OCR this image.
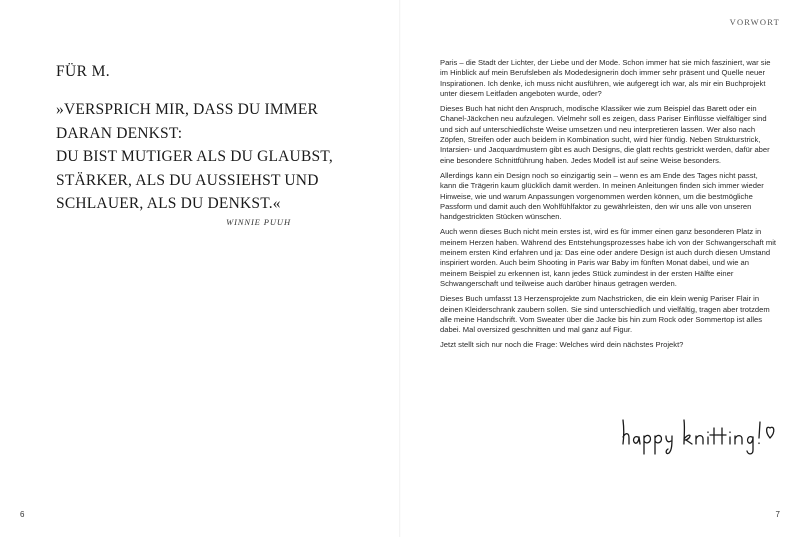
FÜR M.
»VERSPRICH MIR, DASS DU IMMER
DARAN DENKST:
DU BIST MUTIGER ALS DU GLAUBST,
STÄRKER, ALS DU AUSSIEHST UND
SCHLAUER, ALS DU DENKST.«
WINNIE PUUH
VORWORT

Paris – die Stadt der Lichter, der Liebe und der Mode. Schon immer hat sie mich fasziniert, war sie im Hinblick auf mein Berufsleben als Modedesignerin doch immer sehr präsent und Quelle neuer Inspirationen. Ich denke, ich muss nicht ausführen, wie aufgeregt ich war, als mir ein Buchprojekt unter diesem Leitfaden angeboten wurde, oder?

Dieses Buch hat nicht den Anspruch, modische Klassiker wie zum Beispiel das Barett oder ein Chanel-Jäckchen neu aufzulegen. Vielmehr soll es zeigen, dass Pariser Einflüsse vielfältiger sind und sich auf unterschiedlichste Weise umsetzen und neu interpretieren lassen. Wer also nach Zöpfen, Streifen oder auch beidem in Kombination sucht, wird hier fündig. Neben Strukturstrick, Intarsien- und Jacquardmustern gibt es auch Designs, die glatt rechts gestrickt werden, dafür aber eine besondere Schnittführung haben. Jedes Modell ist auf seine Weise besonders.

Allerdings kann ein Design noch so einzigartig sein – wenn es am Ende des Tages nicht passt, kann die Trägerin kaum glücklich damit werden. In meinen Anleitungen finden sich immer wieder Hinweise, wie und warum Anpassungen vorgenommen werden können, um die bestmögliche Passform und damit auch den Wohlfühlfaktor zu gewährleisten, den wir uns alle von unseren handgestrickten Stücken wünschen.

Auch wenn dieses Buch nicht mein erstes ist, wird es für immer einen ganz besonderen Platz in meinem Herzen haben. Während des Entstehungsprozesses habe ich von der Schwangerschaft mit meinem ersten Kind erfahren und ja: Das eine oder andere Design ist auch durch diesen Umstand inspiriert worden. Auch beim Shooting in Paris war Baby im fünften Monat dabei, und wie an meinem Beispiel zu erkennen ist, kann jedes Stück zumindest in der ersten Hälfte einer Schwangerschaft und teilweise auch darüber hinaus getragen werden.

Dieses Buch umfasst 13 Herzensprojekte zum Nachstricken, die ein klein wenig Pariser Flair in deinen Kleiderschrank zaubern sollen. Sie sind unterschiedlich und vielfältig, tragen aber trotzdem alle meine Handschrift. Vom Sweater über die Jacke bis hin zum Rock oder Sommertop ist alles dabei. Mal oversized geschnitten und mal ganz auf Figur.

Jetzt stellt sich nur noch die Frage: Welches wird dein nächstes Projekt?

6	7
